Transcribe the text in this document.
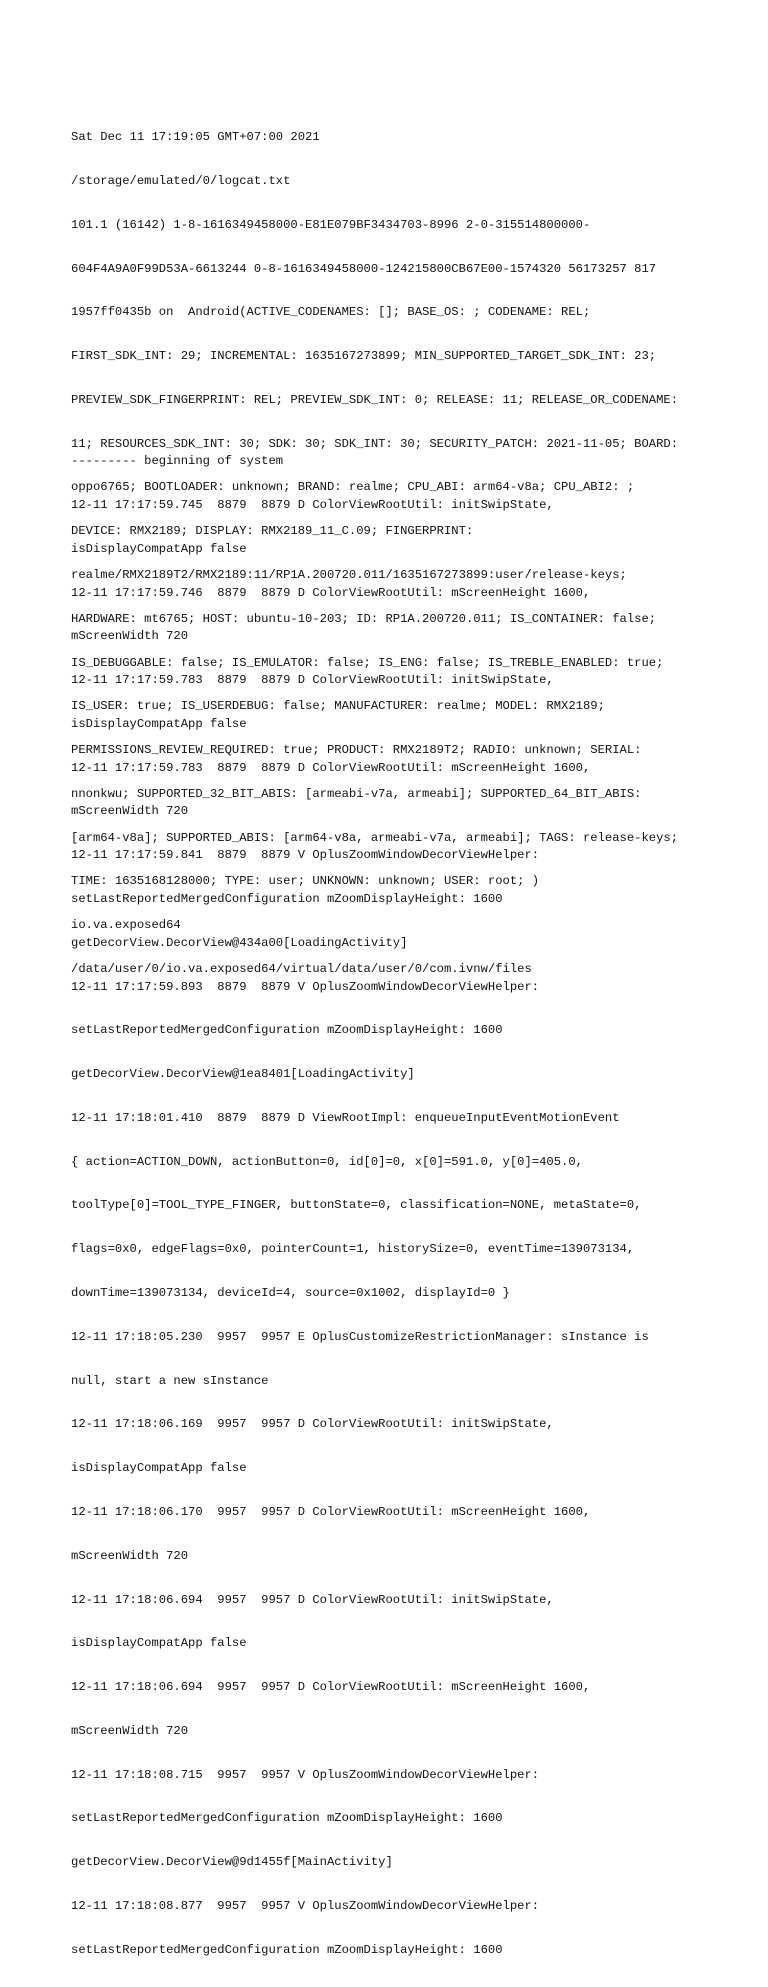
Sat Dec 11 17:19:05 GMT+07:00 2021

/storage/emulated/0/logcat.txt

101.1 (16142) 1-8-1616349458000-E81E079BF3434703-8996 2-0-315514800000-

604F4A9A0F99D53A-6613244 0-8-1616349458000-124215800CB67E00-1574320 56173257 817

1957ff0435b on  Android(ACTIVE_CODENAMES: []; BASE_OS: ; CODENAME: REL;

FIRST_SDK_INT: 29; INCREMENTAL: 1635167273899; MIN_SUPPORTED_TARGET_SDK_INT: 23;

PREVIEW_SDK_FINGERPRINT: REL; PREVIEW_SDK_INT: 0; RELEASE: 11; RELEASE_OR_CODENAME:

11; RESOURCES_SDK_INT: 30; SDK: 30; SDK_INT: 30; SECURITY_PATCH: 2021-11-05; BOARD:

oppo6765; BOOTLOADER: unknown; BRAND: realme; CPU_ABI: arm64-v8a; CPU_ABI2: ;

DEVICE: RMX2189; DISPLAY: RMX2189_11_C.09; FINGERPRINT:

realme/RMX2189T2/RMX2189:11/RP1A.200720.011/1635167273899:user/release-keys;

HARDWARE: mt6765; HOST: ubuntu-10-203; ID: RP1A.200720.011; IS_CONTAINER: false;

IS_DEBUGGABLE: false; IS_EMULATOR: false; IS_ENG: false; IS_TREBLE_ENABLED: true;

IS_USER: true; IS_USERDEBUG: false; MANUFACTURER: realme; MODEL: RMX2189;

PERMISSIONS_REVIEW_REQUIRED: true; PRODUCT: RMX2189T2; RADIO: unknown; SERIAL:

nnonkwu; SUPPORTED_32_BIT_ABIS: [armeabi-v7a, armeabi]; SUPPORTED_64_BIT_ABIS:

[arm64-v8a]; SUPPORTED_ABIS: [arm64-v8a, armeabi-v7a, armeabi]; TAGS: release-keys;

TIME: 1635168128000; TYPE: user; UNKNOWN: unknown; USER: root; )

io.va.exposed64

/data/user/0/io.va.exposed64/virtual/data/user/0/com.ivnw/files

--------- beginning of system

12-11 17:17:59.745  8879  8879 D ColorViewRootUtil: initSwipState,

isDisplayCompatApp false

12-11 17:17:59.746  8879  8879 D ColorViewRootUtil: mScreenHeight 1600,

mScreenWidth 720

12-11 17:17:59.783  8879  8879 D ColorViewRootUtil: initSwipState,

isDisplayCompatApp false

12-11 17:17:59.783  8879  8879 D ColorViewRootUtil: mScreenHeight 1600,

mScreenWidth 720

12-11 17:17:59.841  8879  8879 V OplusZoomWindowDecorViewHelper:

setLastReportedMergedConfiguration mZoomDisplayHeight: 1600

getDecorView.DecorView@434a00[LoadingActivity]

12-11 17:17:59.893  8879  8879 V OplusZoomWindowDecorViewHelper:

setLastReportedMergedConfiguration mZoomDisplayHeight: 1600

getDecorView.DecorView@1ea8401[LoadingActivity]

12-11 17:18:01.410  8879  8879 D ViewRootImpl: enqueueInputEventMotionEvent

{ action=ACTION_DOWN, actionButton=0, id[0]=0, x[0]=591.0, y[0]=405.0,

toolType[0]=TOOL_TYPE_FINGER, buttonState=0, classification=NONE, metaState=0,

flags=0x0, edgeFlags=0x0, pointerCount=1, historySize=0, eventTime=139073134,

downTime=139073134, deviceId=4, source=0x1002, displayId=0 }

12-11 17:18:05.230  9957  9957 E OplusCustomizeRestrictionManager: sInstance is

null, start a new sInstance

12-11 17:18:06.169  9957  9957 D ColorViewRootUtil: initSwipState,

isDisplayCompatApp false

12-11 17:18:06.170  9957  9957 D ColorViewRootUtil: mScreenHeight 1600,

mScreenWidth 720

12-11 17:18:06.694  9957  9957 D ColorViewRootUtil: initSwipState,

isDisplayCompatApp false

12-11 17:18:06.694  9957  9957 D ColorViewRootUtil: mScreenHeight 1600,

mScreenWidth 720

12-11 17:18:08.715  9957  9957 V OplusZoomWindowDecorViewHelper:

setLastReportedMergedConfiguration mZoomDisplayHeight: 1600

getDecorView.DecorView@9d1455f[MainActivity]

12-11 17:18:08.877  9957  9957 V OplusZoomWindowDecorViewHelper:

setLastReportedMergedConfiguration mZoomDisplayHeight: 1600
